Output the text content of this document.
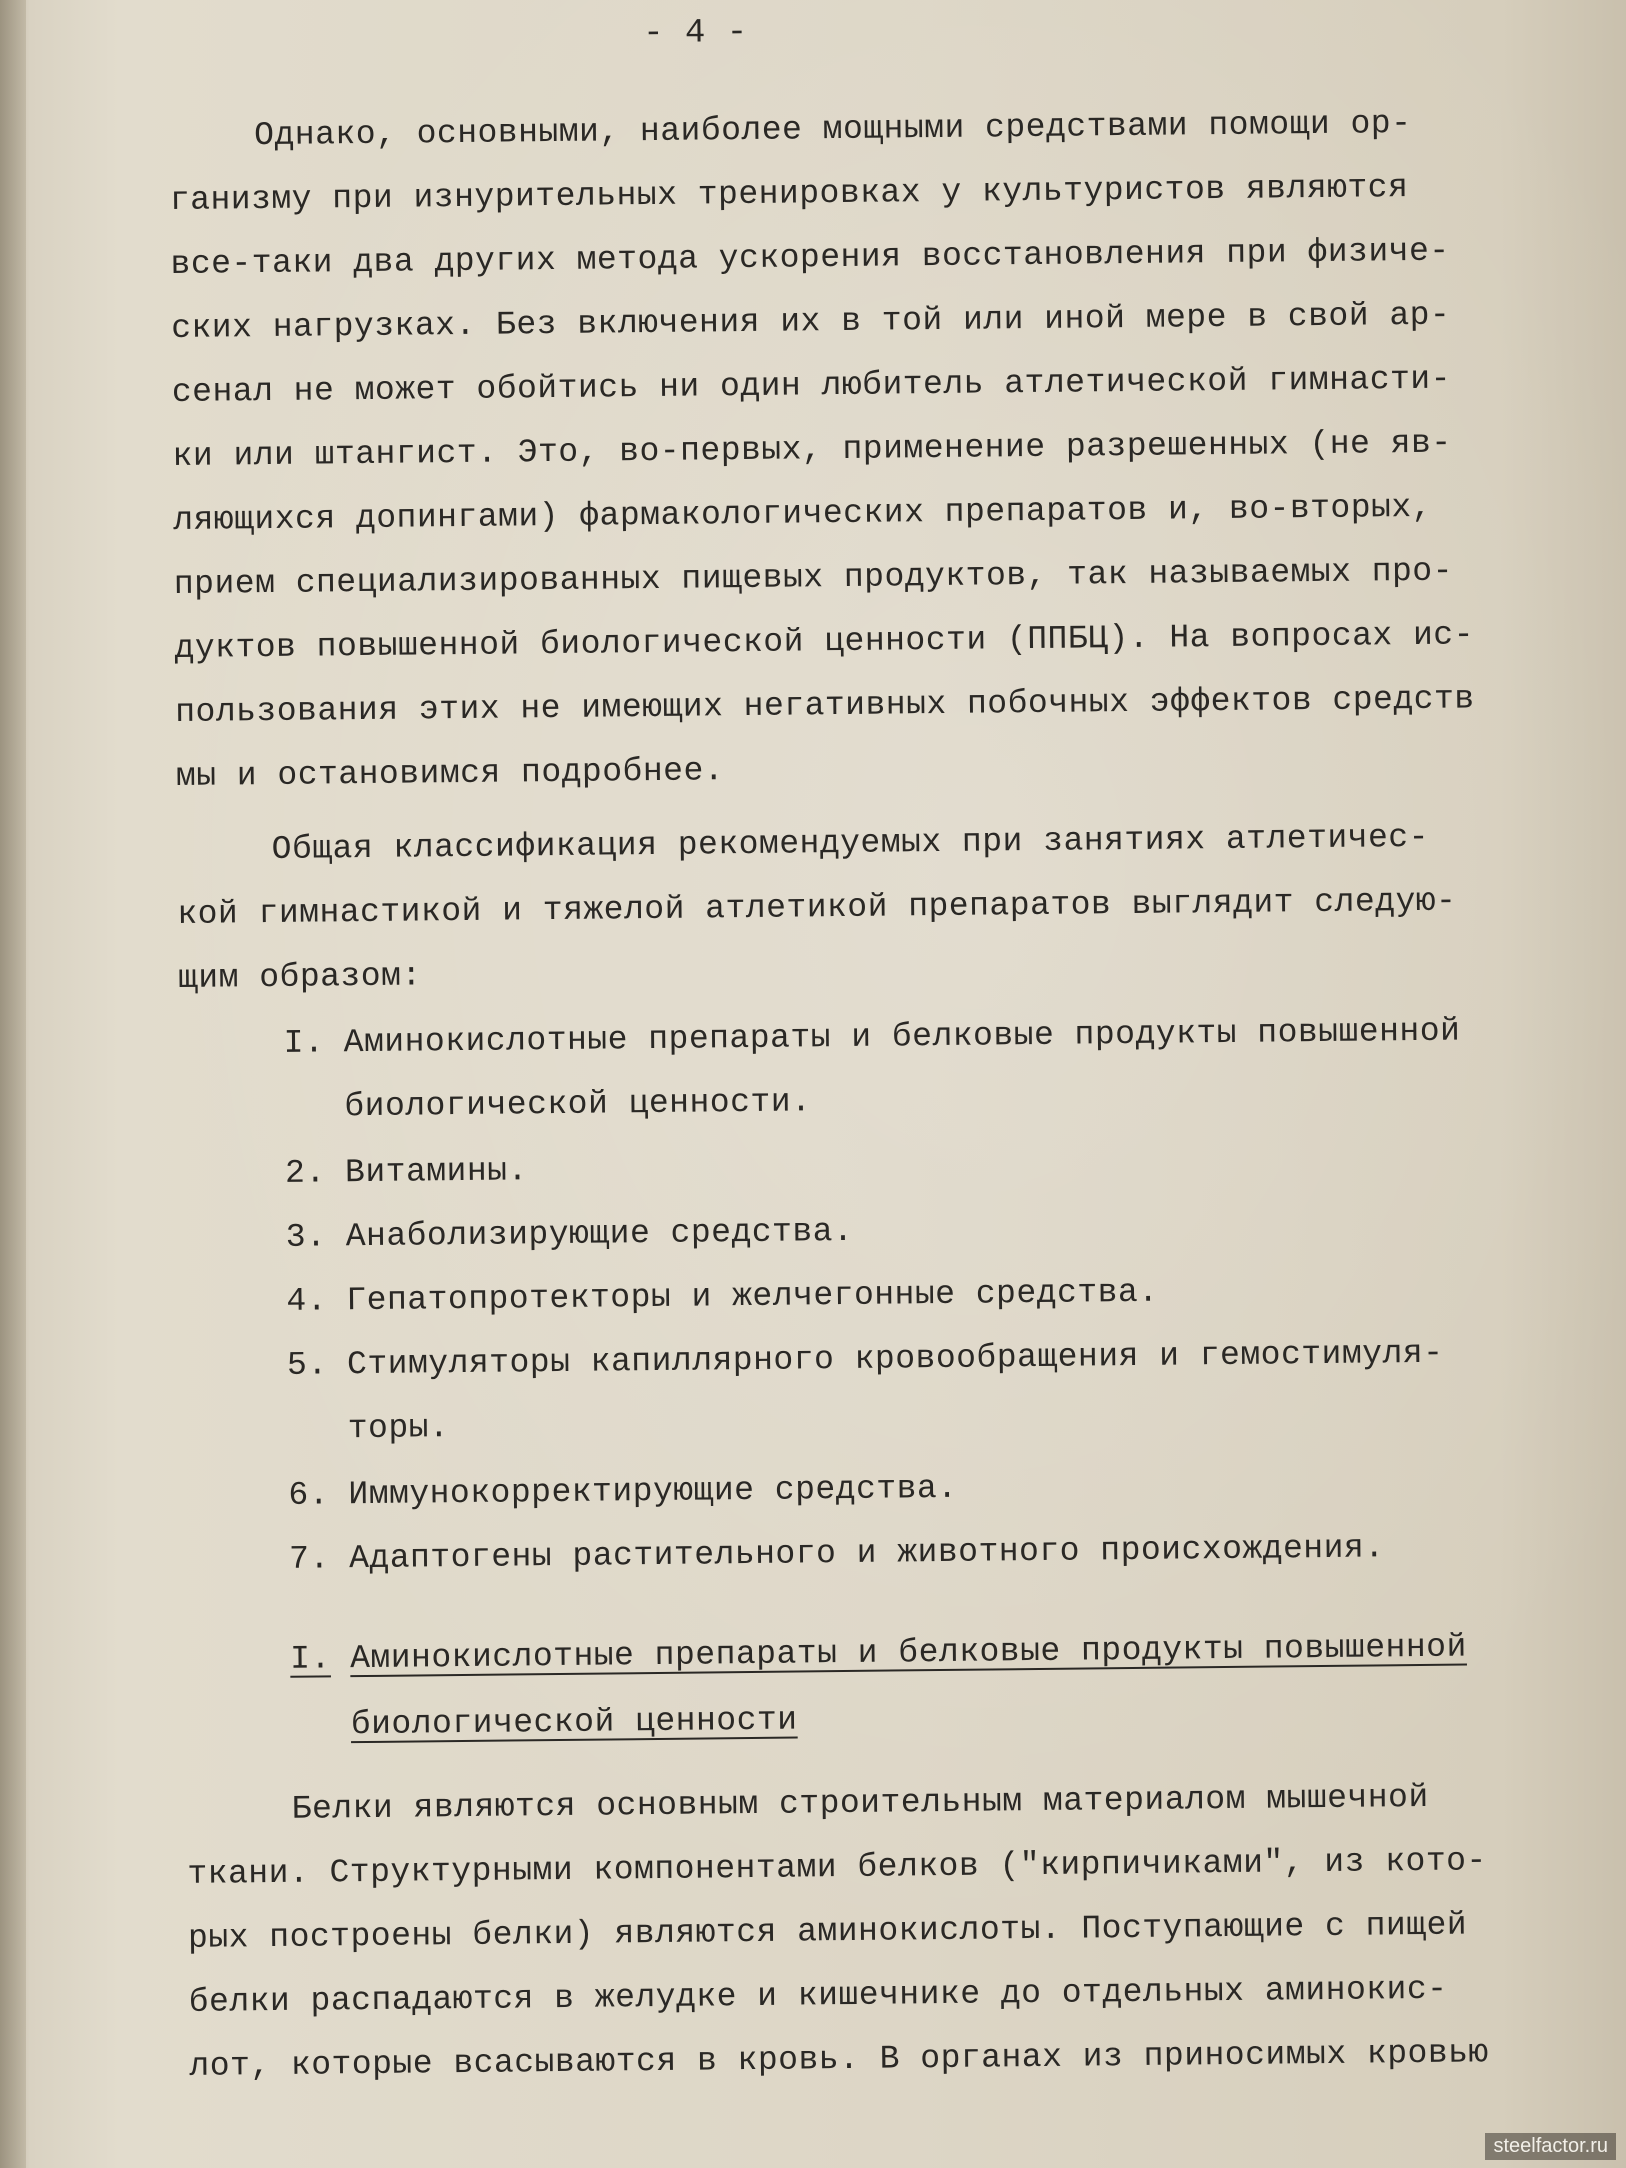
- 4 -
Однако, основными, наиболее мощными средствами помощи ор-
ганизму при изнурительных тренировках у культуристов являются
все-таки два других метода ускорения восстановления при физиче-
ских нагрузках. Без включения их в той или иной мере в свой ар-
сенал не может обойтись ни один любитель атлетической гимнасти-
ки или штангист. Это, во-первых, применение разрешенных (не яв-
ляющихся допингами) фармакологических препаратов и, во-вторых,
прием специализированных пищевых продуктов, так называемых про-
дуктов повышенной биологической ценности (ППБЦ). На вопросах ис-
пользования этих не имеющих негативных побочных эффектов средств
мы и остановимся подробнее.
Общая классификация рекомендуемых при занятиях атлетичес-
кой гимнастикой и тяжелой атлетикой препаратов выглядит следую-
щим образом:
I. Аминокислотные препараты и белковые продукты повышенной
биологической ценности.
2. Витамины.
3. Анаболизирующие средства.
4. Гепатопротекторы и желчегонные средства.
5. Стимуляторы капиллярного кровообращения и гемостимуля-
торы.
6. Иммунокорректирующие средства.
7. Адаптогены растительного и животного происхождения.
I. Аминокислотные препараты и белковые продукты повышенной
биологической ценности
Белки являются основным строительным материалом мышечной
ткани. Структурными компонентами белков ("кирпичиками", из кото-
рых построены белки) являются аминокислоты. Поступающие с пищей
белки распадаются в желудке и кишечнике до отдельных аминокис-
лот, которые всасываются в кровь. В органах из приносимых кровью
steelfactor.ru
